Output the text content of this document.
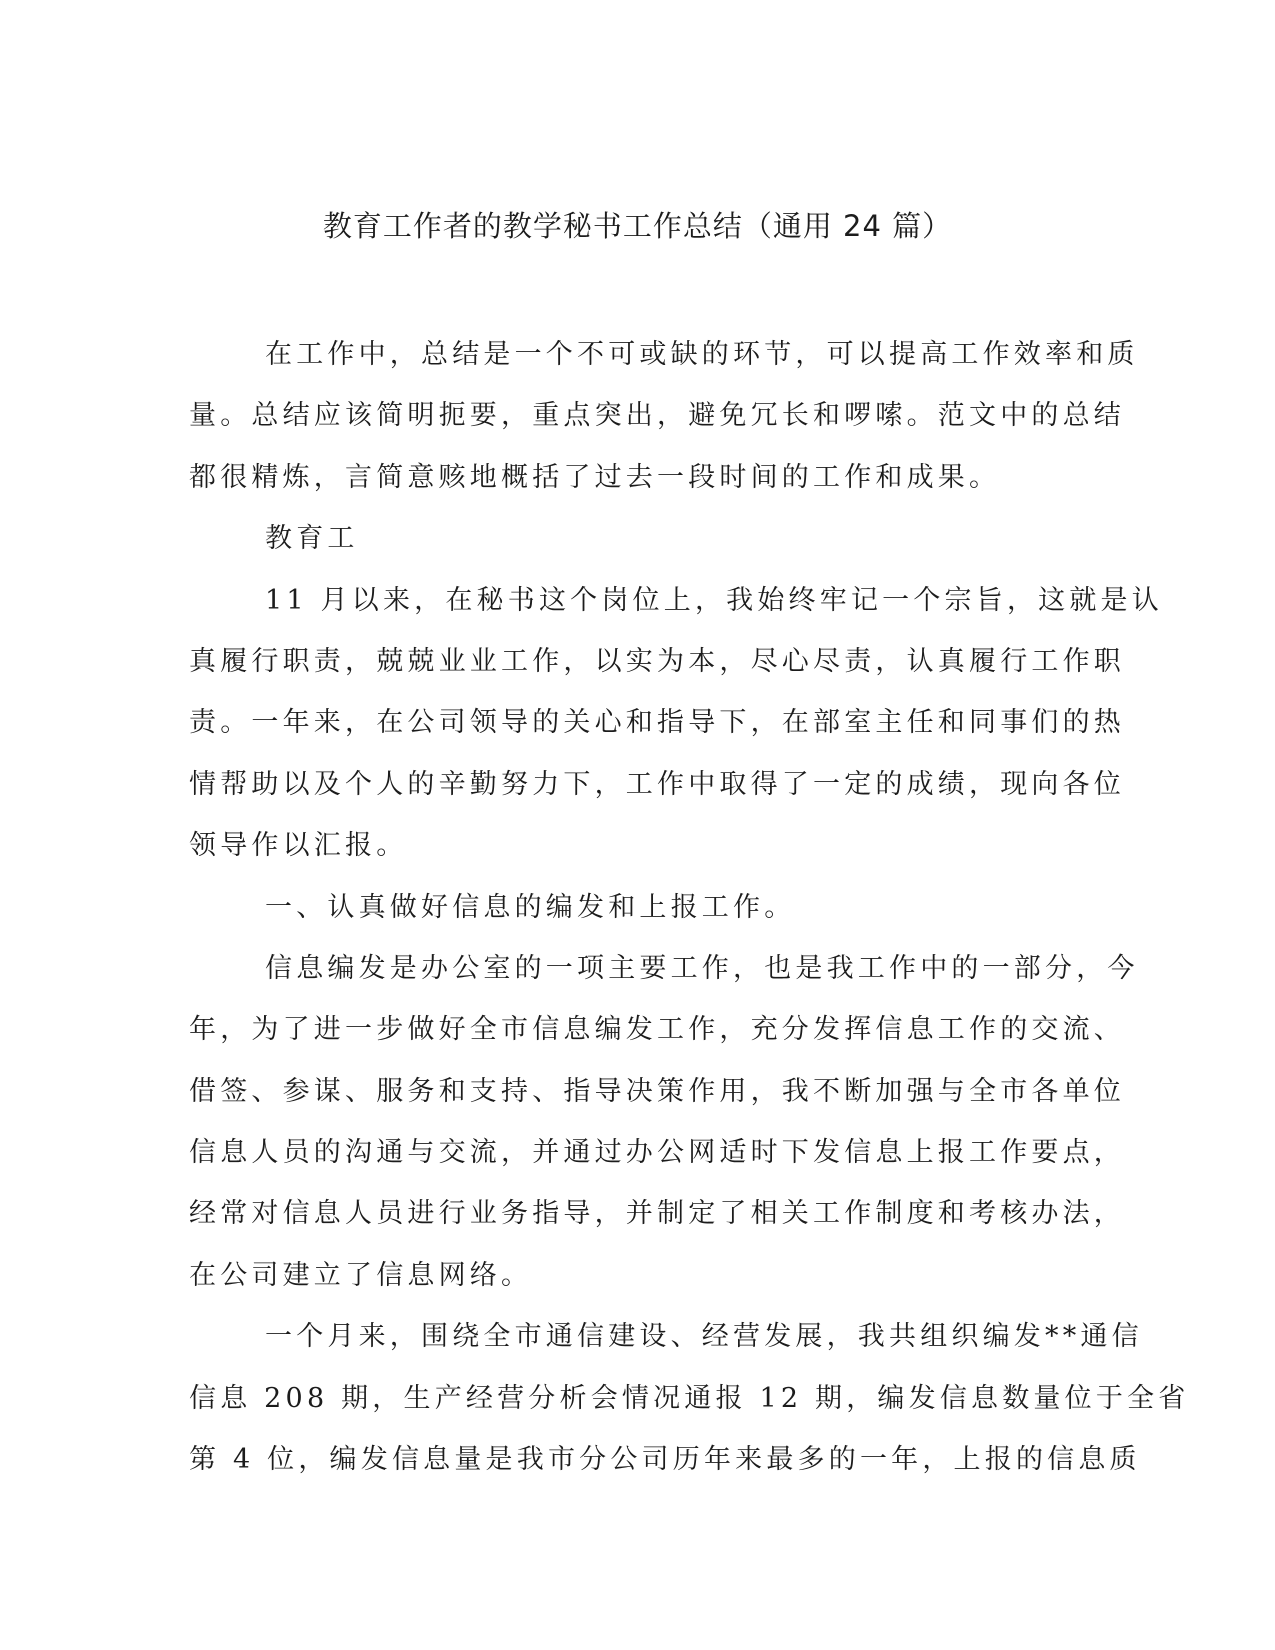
教育工作者的教学秘书工作总结（通用 24 篇）
在工作中，总结是一个不可或缺的环节，可以提高工作效率和质
量。总结应该简明扼要，重点突出，避免冗长和啰嗦。范文中的总结
都很精炼，言简意赅地概括了过去一段时间的工作和成果。
教育工
11 月以来，在秘书这个岗位上，我始终牢记一个宗旨，这就是认
真履行职责，兢兢业业工作，以实为本，尽心尽责，认真履行工作职
责。一年来，在公司领导的关心和指导下，在部室主任和同事们的热
情帮助以及个人的辛勤努力下，工作中取得了一定的成绩，现向各位
领导作以汇报。
一、认真做好信息的编发和上报工作。
信息编发是办公室的一项主要工作，也是我工作中的一部分，今
年，为了进一步做好全市信息编发工作，充分发挥信息工作的交流、
借签、参谋、服务和支持、指导决策作用，我不断加强与全市各单位
信息人员的沟通与交流，并通过办公网适时下发信息上报工作要点，
经常对信息人员进行业务指导，并制定了相关工作制度和考核办法，
在公司建立了信息网络。
一个月来，围绕全市通信建设、经营发展，我共组织编发**通信
信息 208 期，生产经营分析会情况通报 12 期，编发信息数量位于全省
第 4 位，编发信息量是我市分公司历年来最多的一年，上报的信息质
